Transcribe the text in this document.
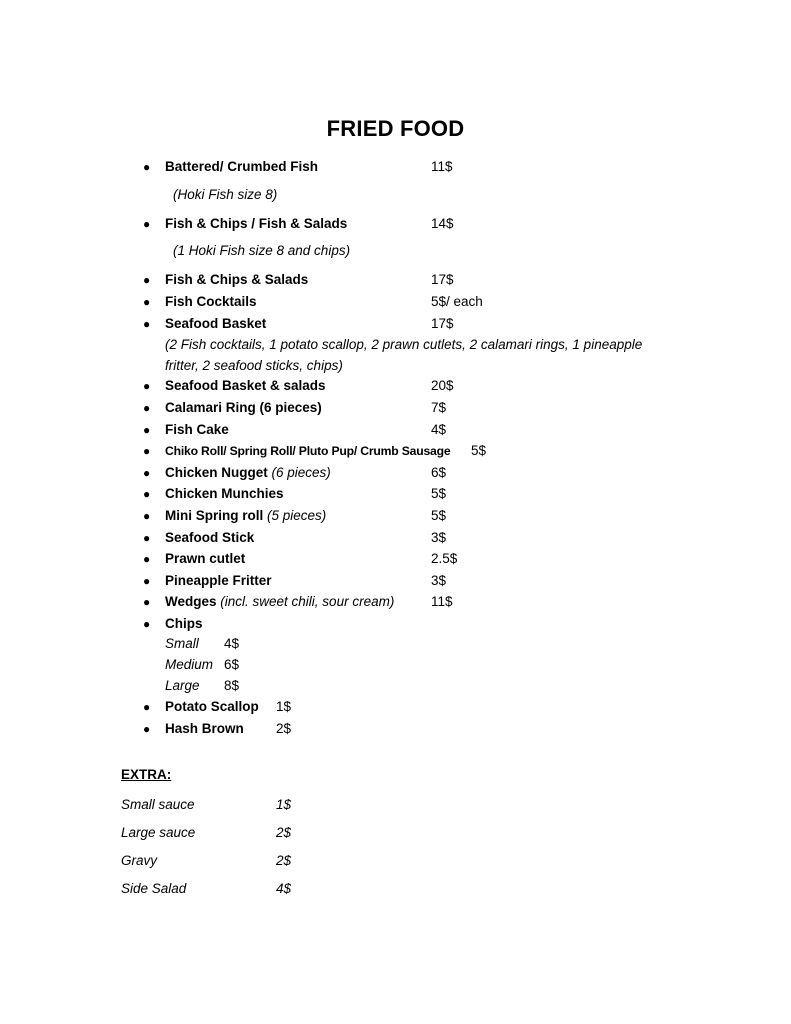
FRIED FOOD
● Battered/ Crumbed Fish	11$
(Hoki Fish size 8)
● Fish & Chips / Fish & Salads	14$
(1 Hoki Fish size 8 and chips)
● Fish & Chips & Salads	17$
● Fish Cocktails	5$/ each
● Seafood Basket	17$
(2 Fish cocktails, 1 potato scallop, 2 prawn cutlets, 2 calamari rings, 1 pineapple
fritter, 2 seafood sticks, chips)
● Seafood Basket & salads	20$
● Calamari Ring (6 pieces)	7$
● Fish Cake	4$
● Chiko Roll/ Spring Roll/ Pluto Pup/ Crumb Sausage 5$
● Chicken Nugget (6 pieces)	6$
● Chicken Munchies	5$
● Mini Spring roll (5 pieces)	5$
● Seafood Stick	3$
● Prawn cutlet	2.5$
● Pineapple Fritter	3$
● Wedges (incl. sweet chili, sour cream)	11$
● Chips
Small 4$
Medium 6$
Large 8$
● Potato Scallop 1$
● Hash Brown 2$
EXTRA:
Small sauce	1$
Large sauce	2$
Gravy	2$
Side Salad	4$
